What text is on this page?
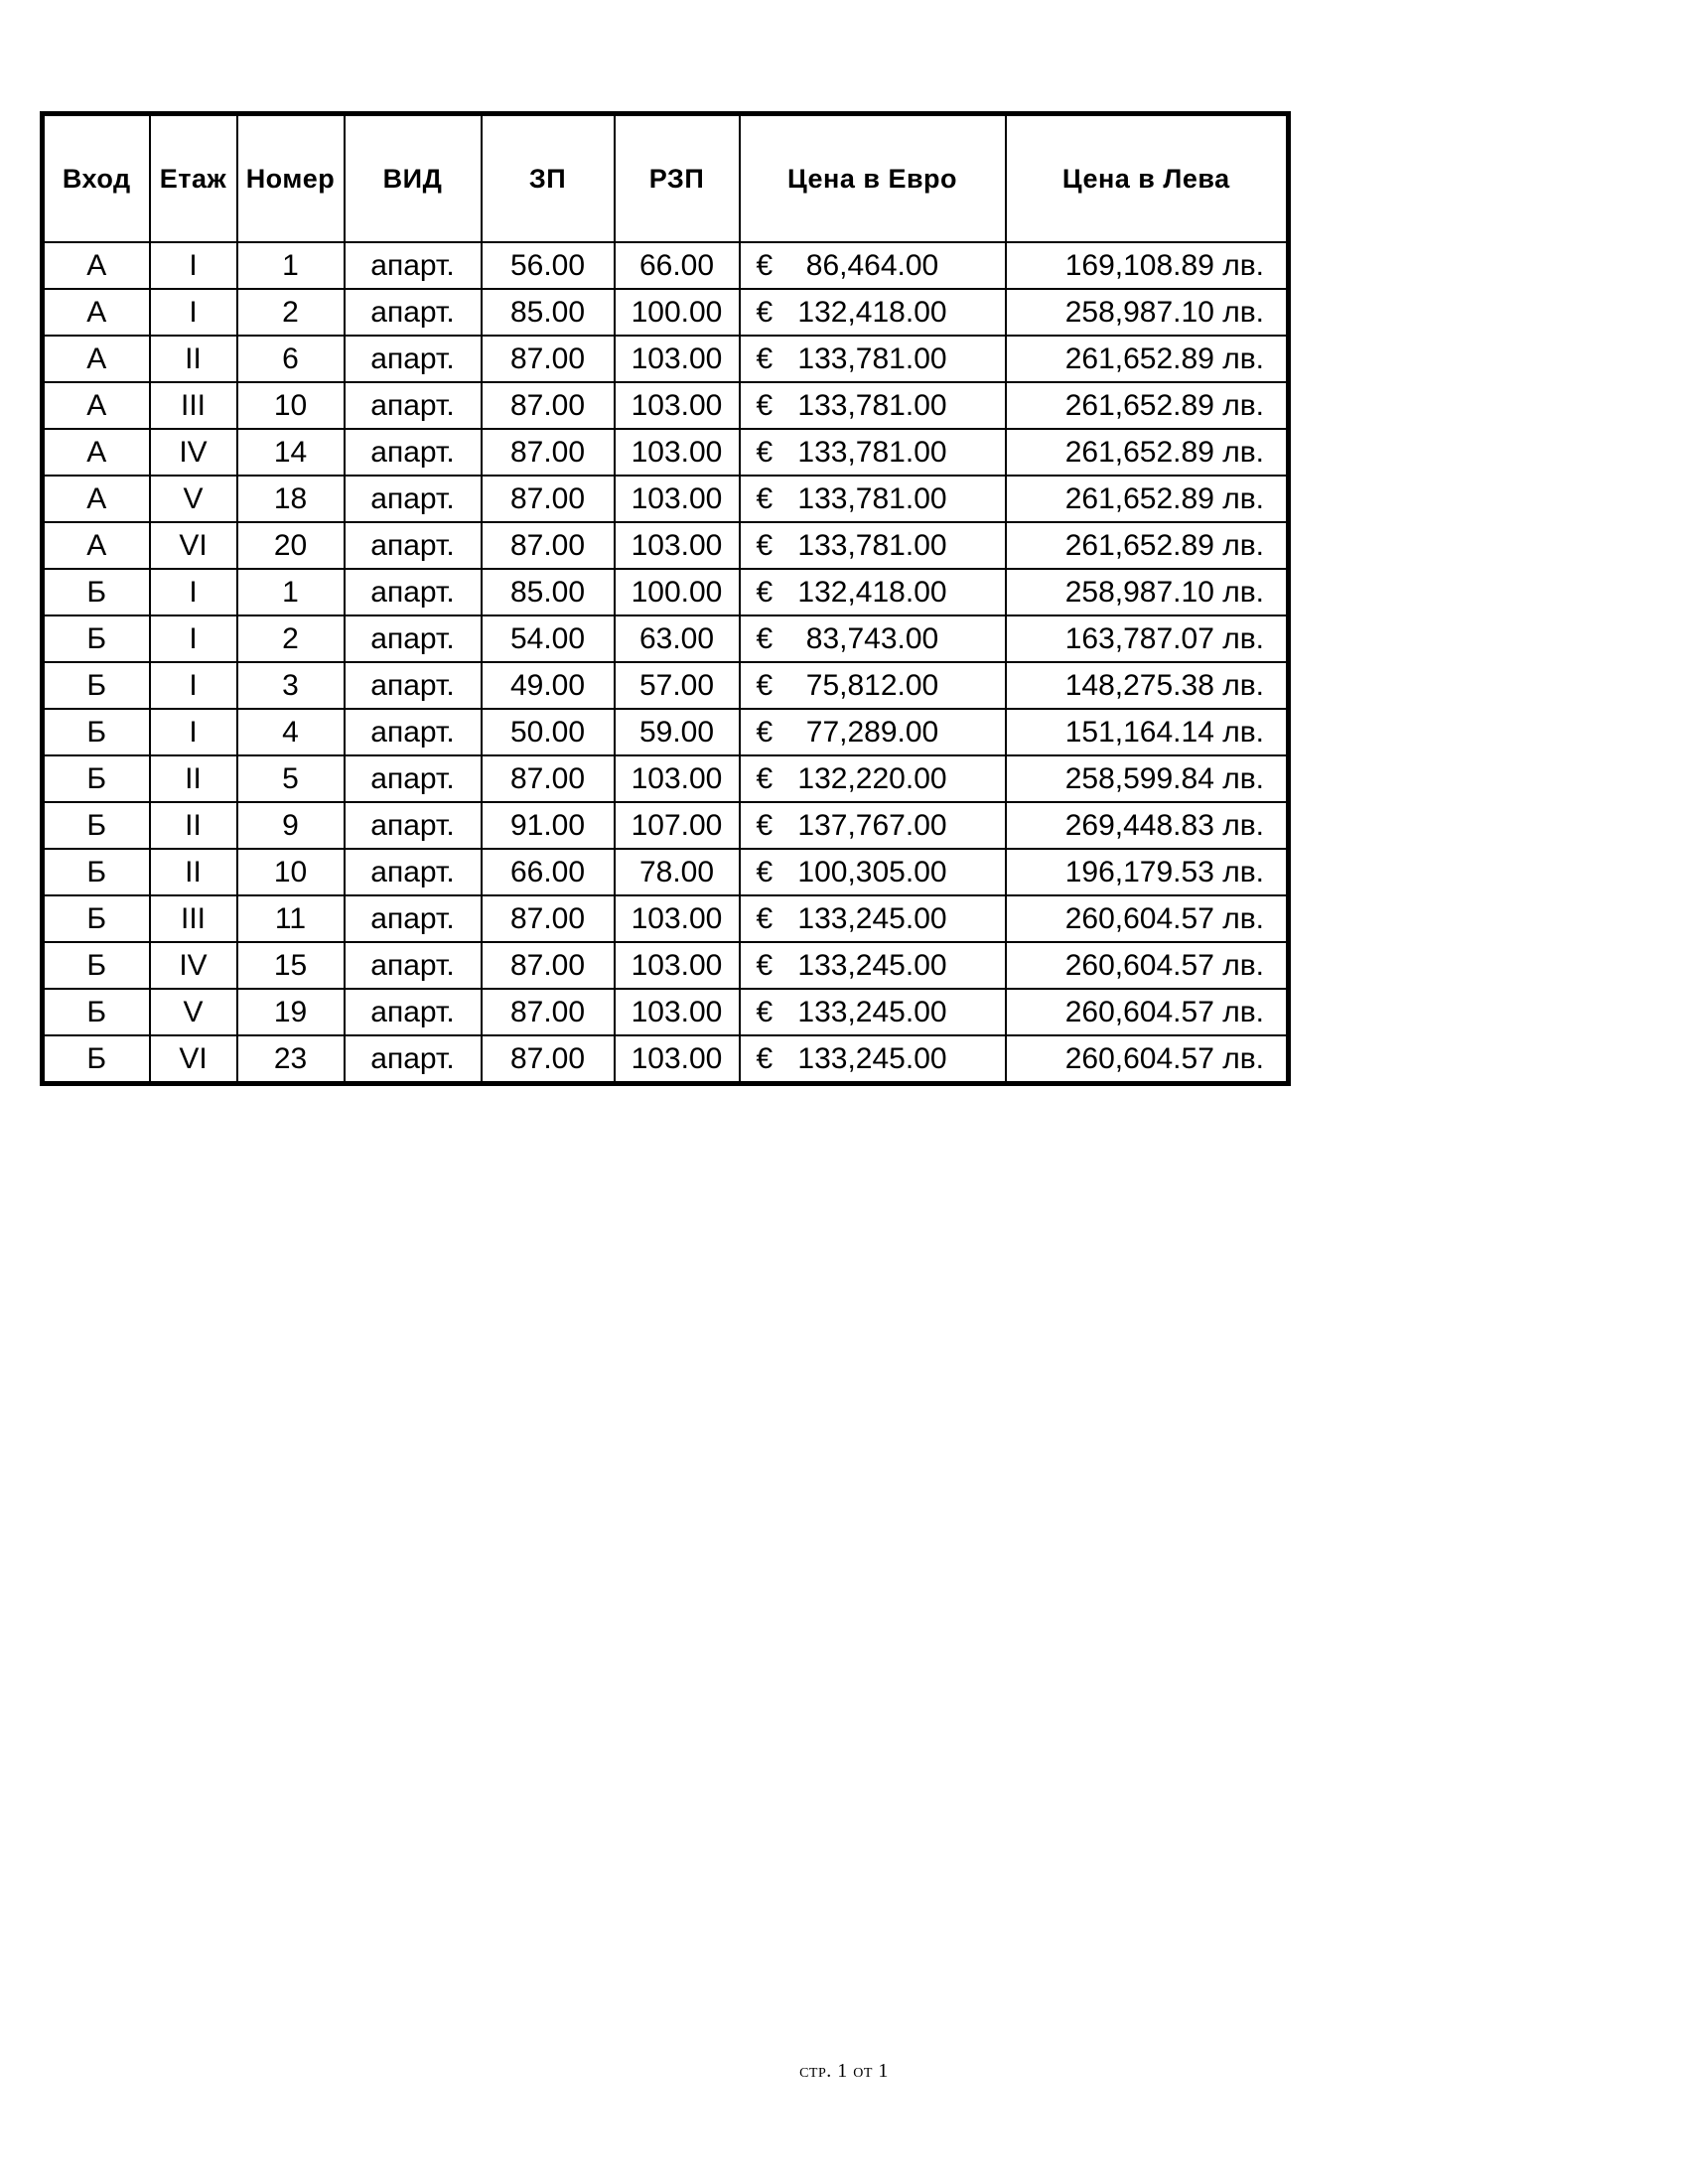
Вход	Етаж	Номер	ВИД	ЗП	РЗП	Цена в Евро	Цена в Лева
А	I	1	апарт.	56.00	66.00	€ 86,464.00	169,108.89 лв.
А	I	2	апарт.	85.00	100.00	€ 132,418.00	258,987.10 лв.
А	II	6	апарт.	87.00	103.00	€ 133,781.00	261,652.89 лв.
А	III	10	апарт.	87.00	103.00	€ 133,781.00	261,652.89 лв.
А	IV	14	апарт.	87.00	103.00	€ 133,781.00	261,652.89 лв.
А	V	18	апарт.	87.00	103.00	€ 133,781.00	261,652.89 лв.
А	VI	20	апарт.	87.00	103.00	€ 133,781.00	261,652.89 лв.
Б	I	1	апарт.	85.00	100.00	€ 132,418.00	258,987.10 лв.
Б	I	2	апарт.	54.00	63.00	€ 83,743.00	163,787.07 лв.
Б	I	3	апарт.	49.00	57.00	€ 75,812.00	148,275.38 лв.
Б	I	4	апарт.	50.00	59.00	€ 77,289.00	151,164.14 лв.
Б	II	5	апарт.	87.00	103.00	€ 132,220.00	258,599.84 лв.
Б	II	9	апарт.	91.00	107.00	€ 137,767.00	269,448.83 лв.
Б	II	10	апарт.	66.00	78.00	€ 100,305.00	196,179.53 лв.
Б	III	11	апарт.	87.00	103.00	€ 133,245.00	260,604.57 лв.
Б	IV	15	апарт.	87.00	103.00	€ 133,245.00	260,604.57 лв.
Б	V	19	апарт.	87.00	103.00	€ 133,245.00	260,604.57 лв.
Б	VI	23	апарт.	87.00	103.00	€ 133,245.00	260,604.57 лв.
стр. 1 от 1
